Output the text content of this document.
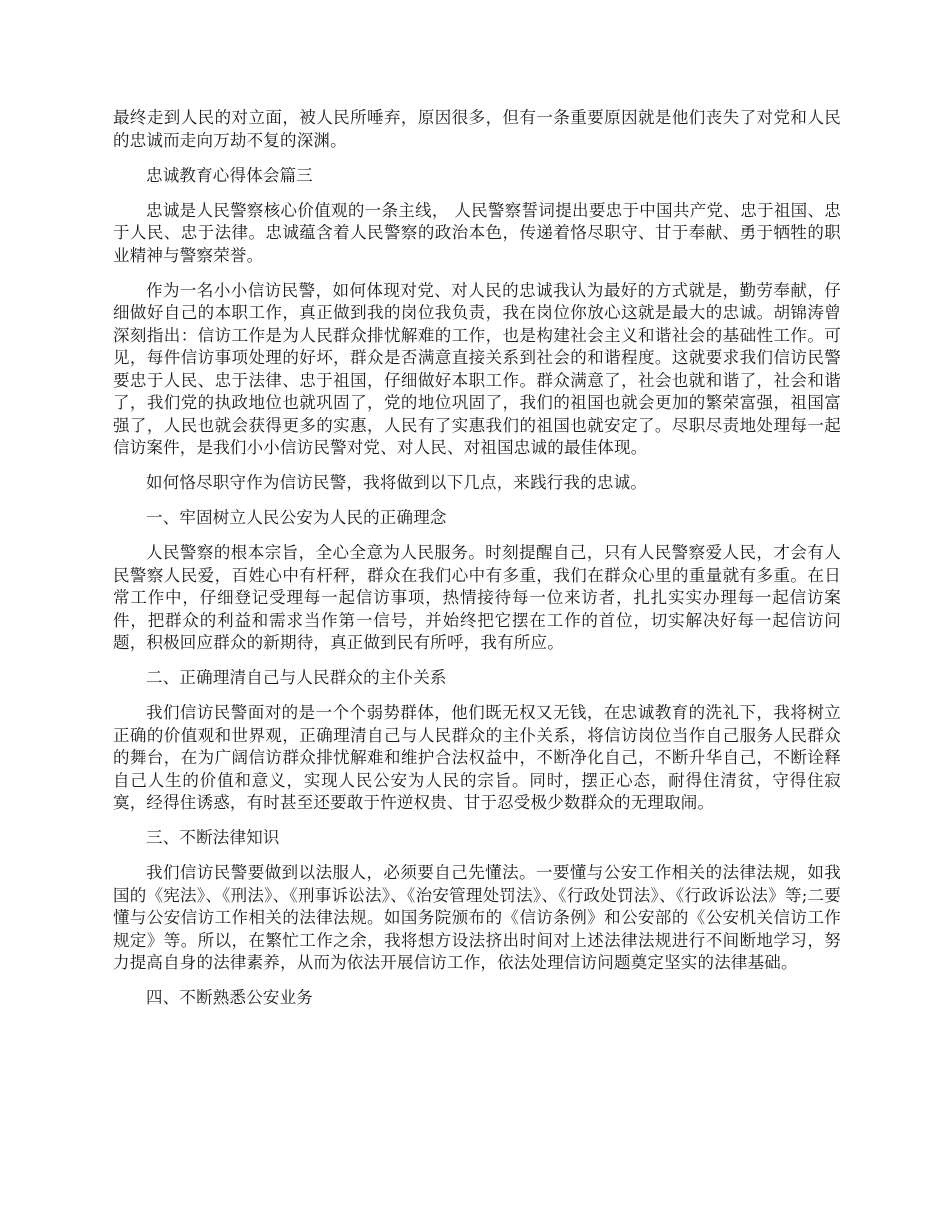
最终走到人民的对立面，被人民所唾弃，原因很多，但有一条重要原因就是他们丧失了对党和人民的忠诚而走向万劫不复的深渊。

忠诚教育心得体会篇三

忠诚是人民警察核心价值观的一条主线， 人民警察誓词提出要忠于中国共产党、忠于祖国、忠于人民、忠于法律。忠诚蕴含着人民警察的政治本色，传递着恪尽职守、甘于奉献、勇于牺牲的职业精神与警察荣誉。

作为一名小小信访民警，如何体现对党、对人民的忠诚我认为最好的方式就是，勤劳奉献，仔细做好自己的本职工作，真正做到我的岗位我负责，我在岗位你放心这就是最大的忠诚。胡锦涛曾深刻指出：信访工作是为人民群众排忧解难的工作，也是构建社会主义和谐社会的基础性工作。可见，每件信访事项处理的好坏，群众是否满意直接关系到社会的和谐程度。这就要求我们信访民警要忠于人民、忠于法律、忠于祖国，仔细做好本职工作。群众满意了，社会也就和谐了，社会和谐了，我们党的执政地位也就巩固了，党的地位巩固了，我们的祖国也就会更加的繁荣富强，祖国富强了，人民也就会获得更多的实惠，人民有了实惠我们的祖国也就安定了。尽职尽责地处理每一起信访案件，是我们小小信访民警对党、对人民、对祖国忠诚的最佳体现。

如何恪尽职守作为信访民警，我将做到以下几点，来践行我的忠诚。

一、牢固树立人民公安为人民的正确理念

人民警察的根本宗旨，全心全意为人民服务。时刻提醒自己，只有人民警察爱人民，才会有人民警察人民爱，百姓心中有杆秤，群众在我们心中有多重，我们在群众心里的重量就有多重。在日常工作中，仔细登记受理每一起信访事项，热情接待每一位来访者，扎扎实实办理每一起信访案件，把群众的利益和需求当作第一信号，并始终把它摆在工作的首位，切实解决好每一起信访问题，积极回应群众的新期待，真正做到民有所呼，我有所应。

二、正确理清自己与人民群众的主仆关系

我们信访民警面对的是一个个弱势群体，他们既无权又无钱，在忠诚教育的洗礼下，我将树立正确的价值观和世界观，正确理清自己与人民群众的主仆关系，将信访岗位当作自己服务人民群众的舞台，在为广阔信访群众排忧解难和维护合法权益中，不断净化自己，不断升华自己，不断诠释自己人生的价值和意义，实现人民公安为人民的宗旨。同时，摆正心态，耐得住清贫，守得住寂寞，经得住诱惑，有时甚至还要敢于忤逆权贵、甘于忍受极少数群众的无理取闹。

三、不断法律知识

我们信访民警要做到以法服人，必须要自己先懂法。一要懂与公安工作相关的法律法规，如我国的《宪法》、《刑法》、《刑事诉讼法》、《治安管理处罚法》、《行政处罚法》、《行政诉讼法》等;二要懂与公安信访工作相关的法律法规。如国务院颁布的《信访条例》和公安部的《公安机关信访工作规定》等。所以，在繁忙工作之余，我将想方设法挤出时间对上述法律法规进行不间断地学习，努力提高自身的法律素养，从而为依法开展信访工作，依法处理信访问题奠定坚实的法律基础。

四、不断熟悉公安业务
